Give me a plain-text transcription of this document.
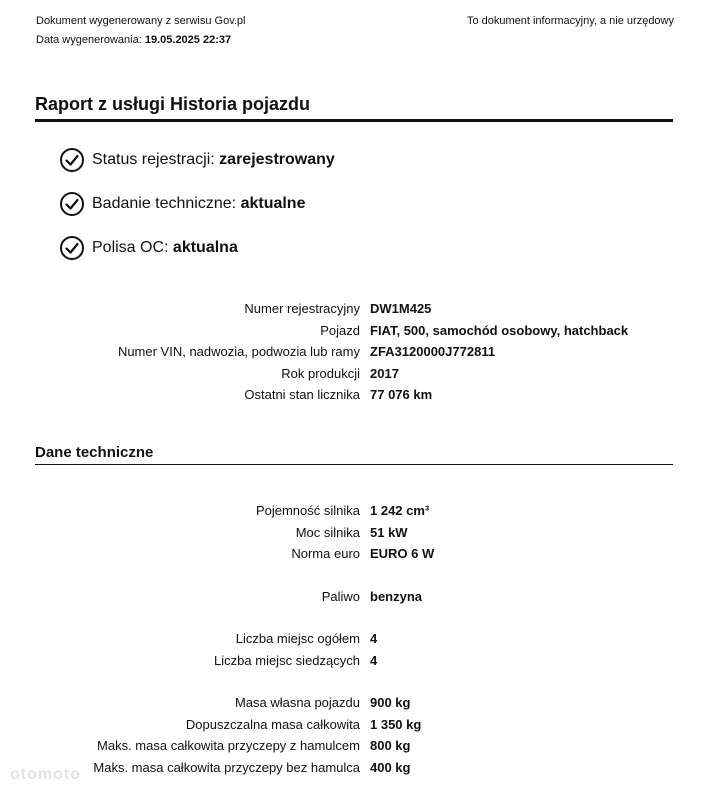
Dokument wygenerowany z serwisu Gov.pl
Data wygenerowania: 19.05.2025 22:37
To dokument informacyjny, a nie urzędowy
Raport z usługi Historia pojazdu
Status rejestracji:
zarejestrowany
Badanie techniczne:
aktualne
Polisa OC:
aktualna
Numer rejestracyjny DW1M425
Pojazd FIAT, 500, samochód osobowy, hatchback
Numer VIN, nadwozia, podwozia lub ramy ZFA3120000J772811
Rok produkcji 2017
Ostatni stan licznika 77 076 km
Dane techniczne
Pojemność silnika 1 242 cm³
Moc silnika 51 kW
Norma euro EURO 6 W
Paliwo benzyna
Liczba miejsc ogółem 4
Liczba miejsc siedzących 4
Masa własna pojazdu 900 kg
Dopuszczalna masa całkowita 1 350 kg
Maks. masa całkowita przyczepy z hamulcem 800 kg
Maks. masa całkowita przyczepy bez hamulca 400 kg
otomoto
